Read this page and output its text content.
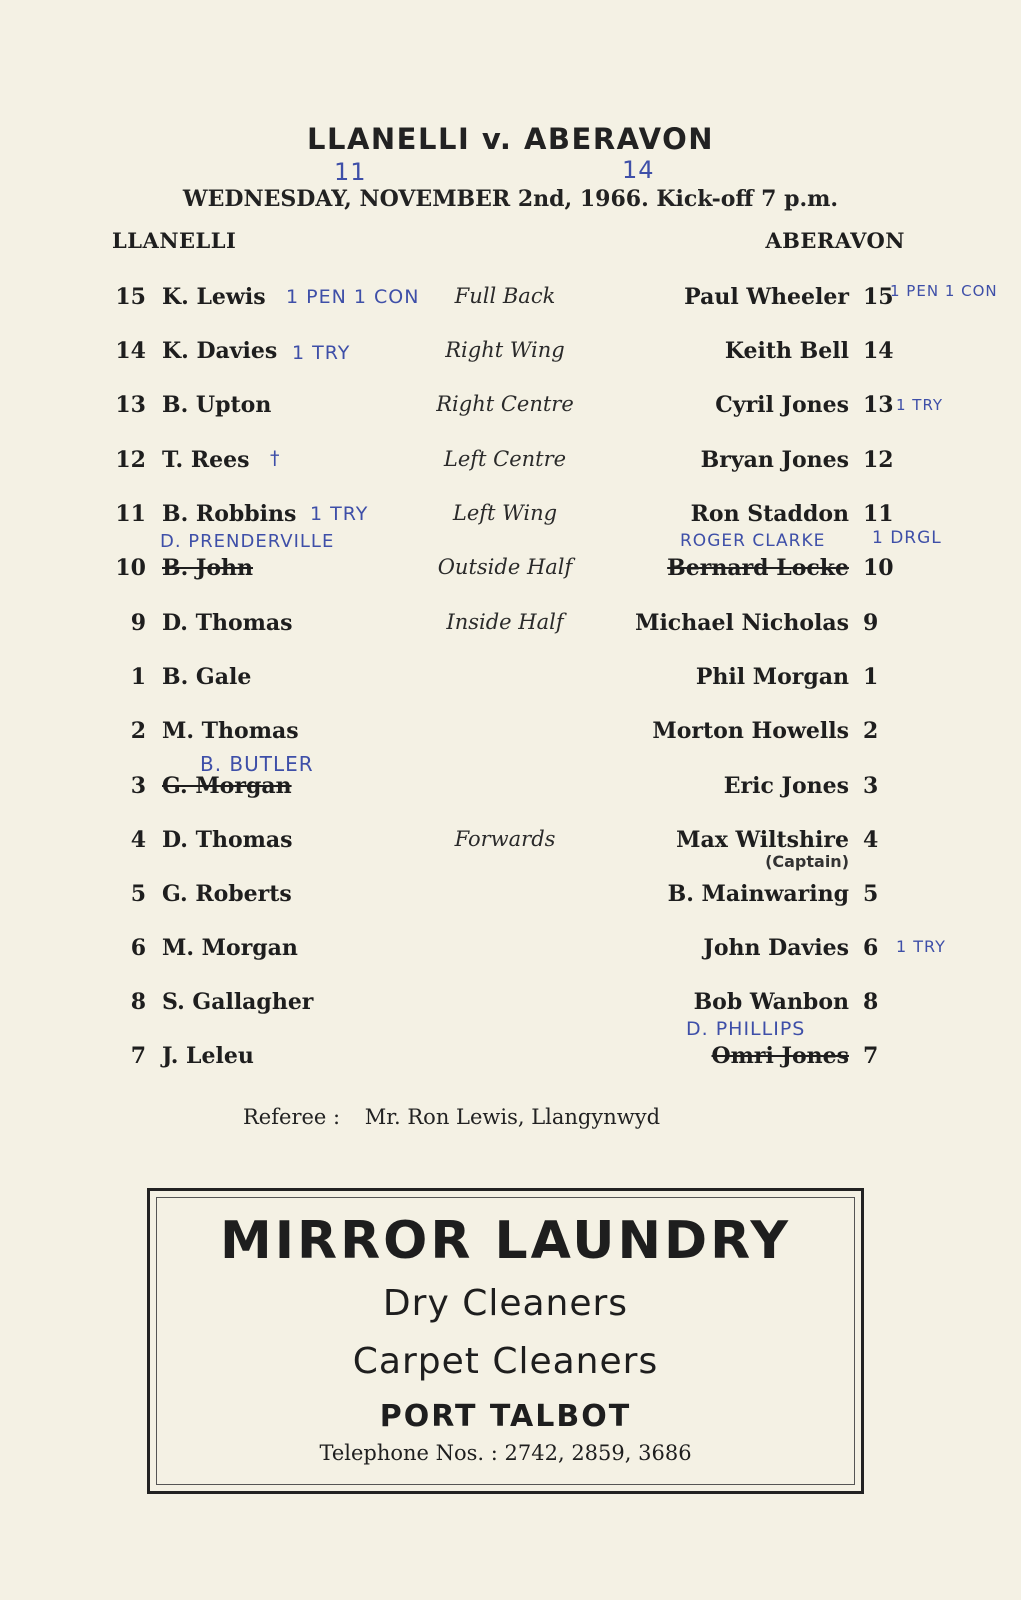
LLANELLI v. ABERAVON
11	14
WEDNESDAY, NOVEMBER 2nd, 1966. Kick-off 7 p.m.
LLANELLI	ABERAVON
15 K. Lewis 1 PEN 1 CON	Full Back	Paul Wheeler 15
1 PEN 1 CON
14 K. Davies 1 TRY	Right Wing	Keith Bell 14
13 B. Upton	Right Centre	Cyril Jones 13 1 TRY
12 T. Rees †	Left Centre	Bryan Jones 12
11 B. Robbins 1 TRY	Left Wing	Ron Staddon 11
D. PRENDERVILLE	ROGER CLARKE	1 DRGL
10 B. John	Outside Half	Bernard Locke 10
9 D. Thomas	Inside Half	Michael Nicholas 9
1 B. Gale	Phil Morgan 1
2 M. Thomas	Morton Howells 2
B. BUTLER
3 G. Morgan	Eric Jones 3
4 D. Thomas	Forwards	Max Wiltshire 4
(Captain)
5 G. Roberts	B. Mainwaring 5
6 M. Morgan	John Davies 6	1 TRY
8 S. Gallagher	Bob Wanbon 8
D. PHILLIPS
7 J. Leleu	Omri Jones 7
Referee : Mr. Ron Lewis, Llangynwyd
MIRROR LAUNDRY
Dry Cleaners
Carpet Cleaners
PORT TALBOT
Telephone Nos. : 2742, 2859, 3686
